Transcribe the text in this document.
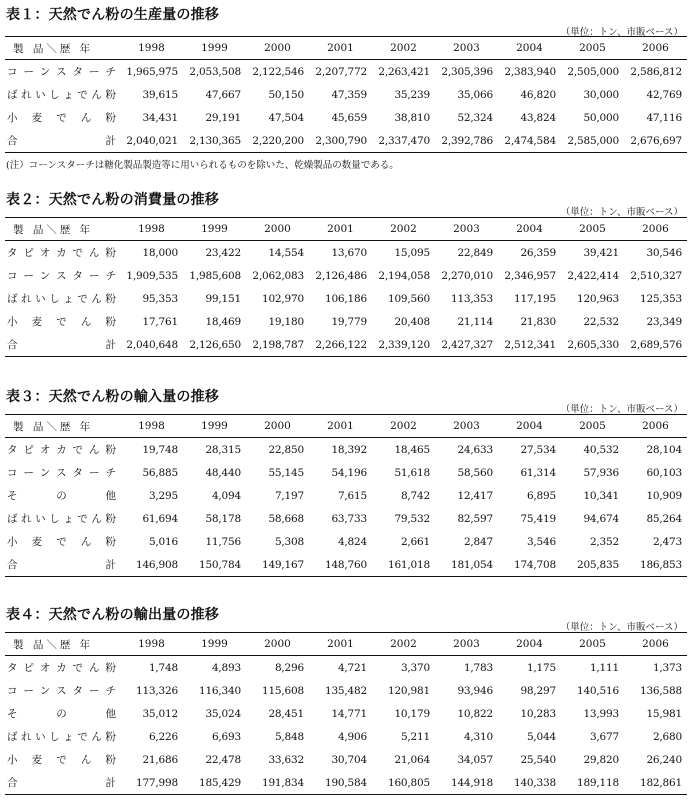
表１：天然でん粉の生産量の推移
（単位：トン、市販ベース）
製 品＼歴 年	1998	1999	2000	2001	2002	2003	2004	2005	2006
コーンスターチ	1,965,975	2,053,508	2,122,546	2,207,772	2,263,421	2,305,396	2,383,940	2,505,000	2,586,812
ばれいしょでん粉	39,615	47,667	50,150	47,359	35,239	35,066	46,820	30,000	42,769
小麦でん粉	34,431	29,191	47,504	45,659	38,810	52,324	43,824	50,000	47,116
合計	2,040,021	2,130,365	2,220,200	2,300,790	2,337,470	2,392,786	2,474,584	2,585,000	2,676,697
(注）コーンスターチは糖化製品製造等に用いられるものを除いた、乾燥製品の数量である。
表２：天然でん粉の消費量の推移
（単位：トン、市販ベース）
製 品＼歴 年	1998	1999	2000	2001	2002	2003	2004	2005	2006
タピオカでん粉	18,000	23,422	14,554	13,670	15,095	22,849	26,359	39,421	30,546
コーンスターチ	1,909,535	1,985,608	2,062,083	2,126,486	2,194,058	2,270,010	2,346,957	2,422,414	2,510,327
ばれいしょでん粉	95,353	99,151	102,970	106,186	109,560	113,353	117,195	120,963	125,353
小麦でん粉	17,761	18,469	19,180	19,779	20,408	21,114	21,830	22,532	23,349
合計	2,040,648	2,126,650	2,198,787	2,266,122	2,339,120	2,427,327	2,512,341	2,605,330	2,689,576
表３：天然でん粉の輸入量の推移
（単位：トン、市販ベース）
製 品＼歴 年	1998	1999	2000	2001	2002	2003	2004	2005	2006
タピオカでん粉	19,748	28,315	22,850	18,392	18,465	24,633	27,534	40,532	28,104
コーンスターチ	56,885	48,440	55,145	54,196	51,618	58,560	61,314	57,936	60,103
その他	3,295	4,094	7,197	7,615	8,742	12,417	6,895	10,341	10,909
ばれいしょでん粉	61,694	58,178	58,668	63,733	79,532	82,597	75,419	94,674	85,264
小麦でん粉	5,016	11,756	5,308	4,824	2,661	2,847	3,546	2,352	2,473
合計	146,908	150,784	149,167	148,760	161,018	181,054	174,708	205,835	186,853
表４：天然でん粉の輸出量の推移
（単位：トン、市販ベース）
製 品＼歴 年	1998	1999	2000	2001	2002	2003	2004	2005	2006
タピオカでん粉	1,748	4,893	8,296	4,721	3,370	1,783	1,175	1,111	1,373
コーンスターチ	113,326	116,340	115,608	135,482	120,981	93,946	98,297	140,516	136,588
その他	35,012	35,024	28,451	14,771	10,179	10,822	10,283	13,993	15,981
ばれいしょでん粉	6,226	6,693	5,848	4,906	5,211	4,310	5,044	3,677	2,680
小麦でん粉	21,686	22,478	33,632	30,704	21,064	34,057	25,540	29,820	26,240
合計	177,998	185,429	191,834	190,584	160,805	144,918	140,338	189,118	182,861
